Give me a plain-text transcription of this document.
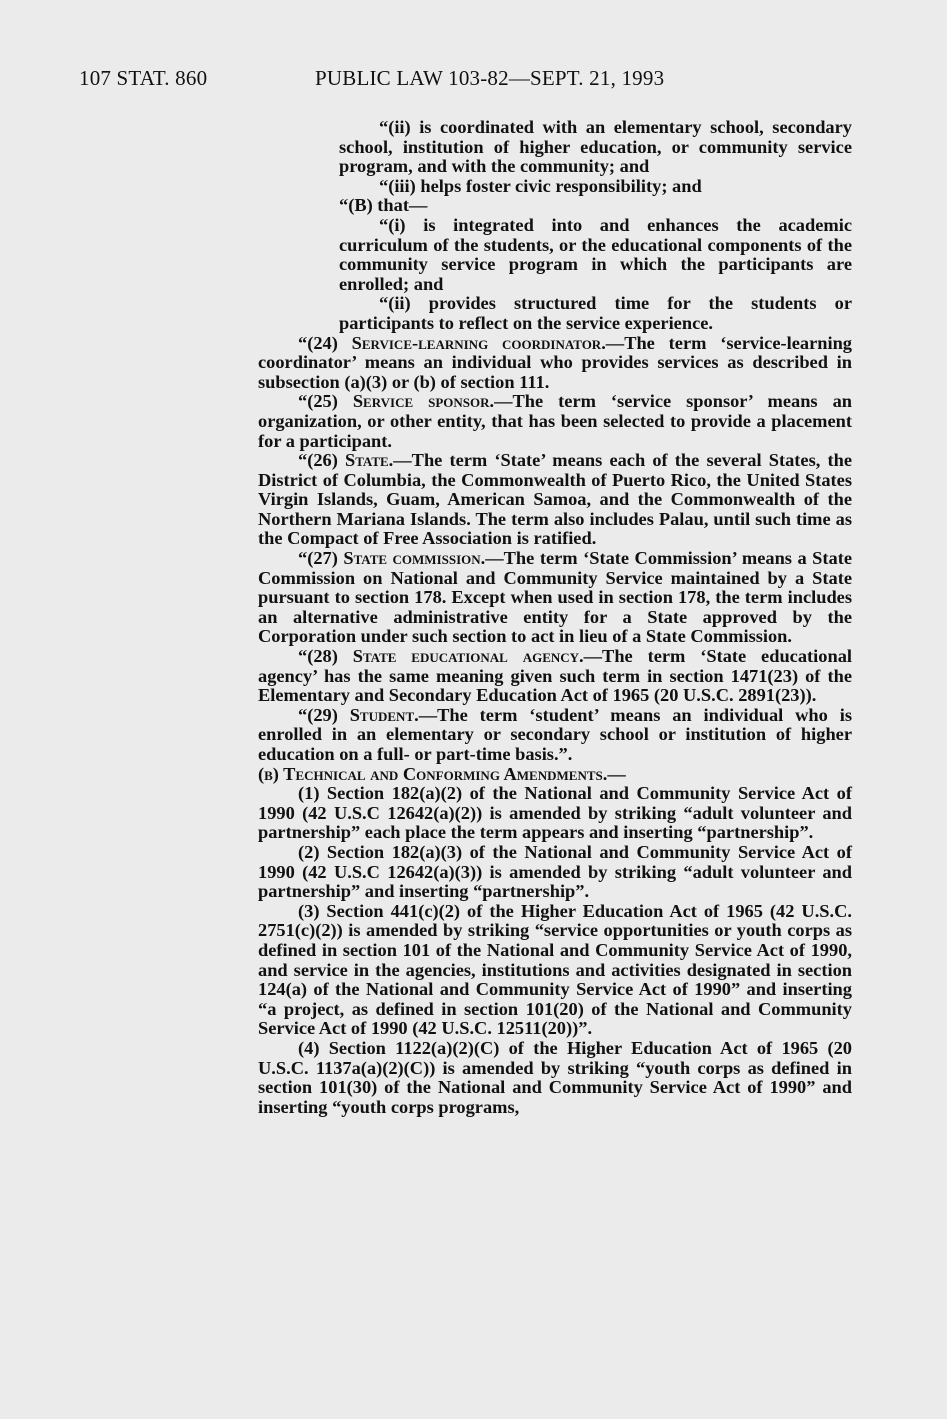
107 STAT. 860	PUBLIC LAW 103-82—SEPT. 21, 1993

“(ii) is coordinated with an elementary school, secondary school, institution of higher education, or community service program, and with the community; and

“(iii) helps foster civic responsibility; and

“(B) that—

“(i) is integrated into and enhances the academic curriculum of the students, or the educational components of the community service program in which the participants are enrolled; and

“(ii) provides structured time for the students or participants to reflect on the service experience.

“(24) Service-learning coordinator.—The term ‘service-learning coordinator’ means an individual who provides services as described in subsection (a)(3) or (b) of section 111.

“(25) Service sponsor.—The term ‘service sponsor’ means an organization, or other entity, that has been selected to provide a placement for a participant.

“(26) State.—The term ‘State’ means each of the several States, the District of Columbia, the Commonwealth of Puerto Rico, the United States Virgin Islands, Guam, American Samoa, and the Commonwealth of the Northern Mariana Islands. The term also includes Palau, until such time as the Compact of Free Association is ratified.

“(27) State commission.—The term ‘State Commission’ means a State Commission on National and Community Service maintained by a State pursuant to section 178. Except when used in section 178, the term includes an alternative administrative entity for a State approved by the Corporation under such section to act in lieu of a State Commission.

“(28) State educational agency.—The term ‘State educational agency’ has the same meaning given such term in section 1471(23) of the Elementary and Secondary Education Act of 1965 (20 U.S.C. 2891(23)).

“(29) Student.—The term ‘student’ means an individual who is enrolled in an elementary or secondary school or institution of higher education on a full- or part-time basis.”.

(b) Technical and Conforming Amendments.—

(1) Section 182(a)(2) of the National and Community Service Act of 1990 (42 U.S.C 12642(a)(2)) is amended by striking “adult volunteer and partnership” each place the term appears and inserting “partnership”.

(2) Section 182(a)(3) of the National and Community Service Act of 1990 (42 U.S.C 12642(a)(3)) is amended by striking “adult volunteer and partnership” and inserting “partnership”.

(3) Section 441(c)(2) of the Higher Education Act of 1965 (42 U.S.C. 2751(c)(2)) is amended by striking “service opportunities or youth corps as defined in section 101 of the National and Community Service Act of 1990, and service in the agencies, institutions and activities designated in section 124(a) of the National and Community Service Act of 1990” and inserting “a project, as defined in section 101(20) of the National and Community Service Act of 1990 (42 U.S.C. 12511(20))”.

(4) Section 1122(a)(2)(C) of the Higher Education Act of 1965 (20 U.S.C. 1137a(a)(2)(C)) is amended by striking “youth corps as defined in section 101(30) of the National and Community Service Act of 1990” and inserting “youth corps programs,
